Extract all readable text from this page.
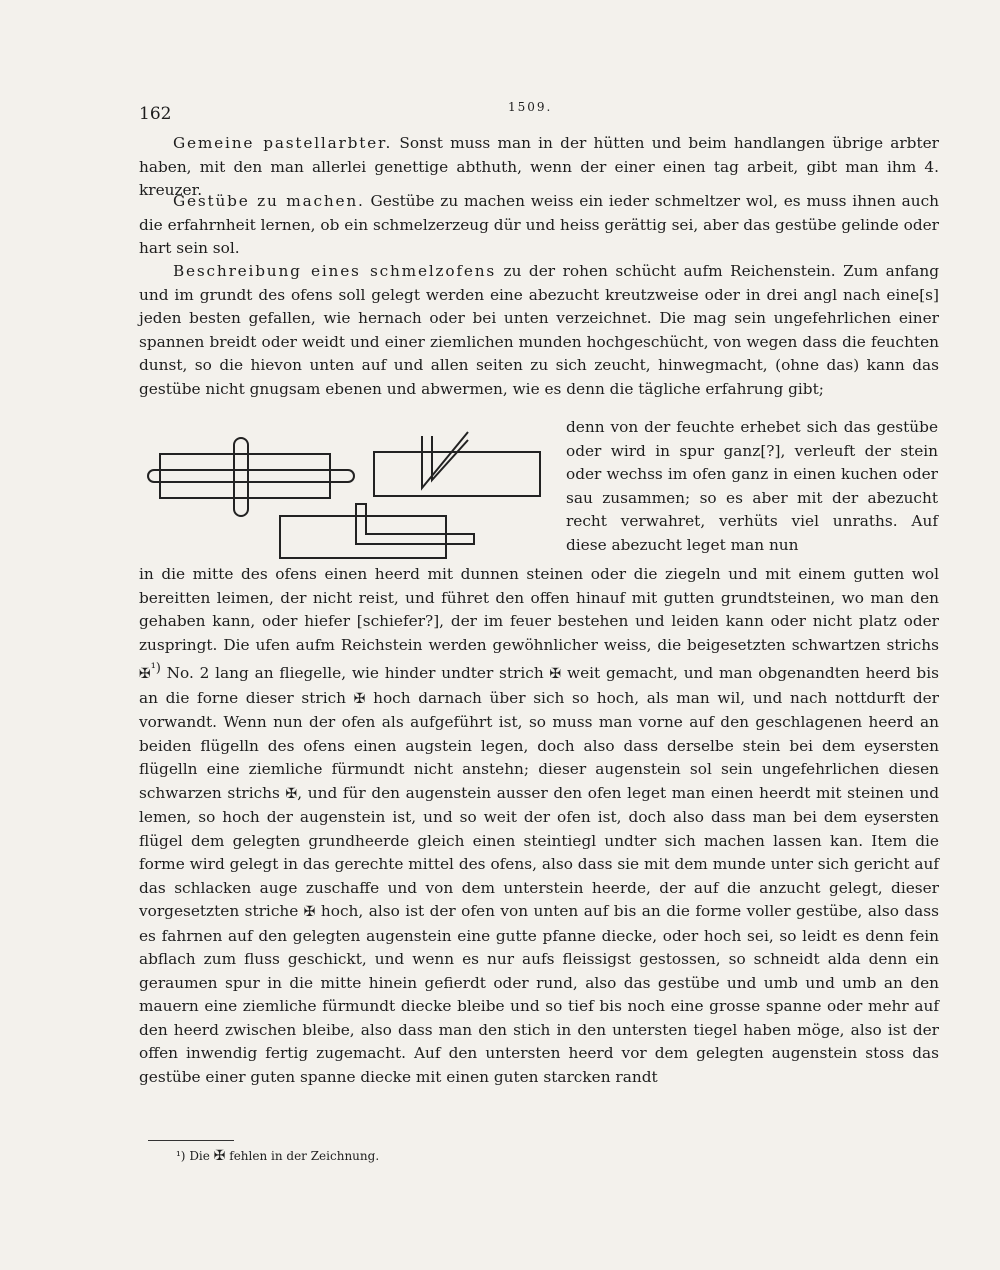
162	1509.

Gemeine pastellarbter. Sonst muss man in der hütten und beim handlangen übrige arbter haben, mit den man allerlei genettige abthuth, wenn der einer einen tag arbeit, gibt man ihm 4. kreuzer.

Gestübe zu machen. Gestübe zu machen weiss ein ieder schmeltzer wol, es muss ihnen auch die erfahrnheit lernen, ob ein schmelzerzeug dür und heiss gerättig sei, aber das gestübe gelinde oder hart sein sol.

Beschreibung eines schmelzofens zu der rohen schücht aufm Reichenstein. Zum anfang und im grundt des ofens soll gelegt werden eine abezucht kreutzweise oder in drei angl nach eine[s] jeden besten gefallen, wie hernach oder bei unten verzeichnet. Die mag sein ungefehrlichen einer spannen breidt oder weidt und einer ziemlichen munden hochgeschücht, von wegen dass die feuchten dunst, so die hievon unten auf und allen seiten zu sich zeucht, hinwegmacht, (ohne das) kann das gestübe nicht gnugsam ebenen und abwermen, wie es denn die tägliche erfahrung gibt;

denn von der feuchte erhebet sich das gestübe oder wird in spur ganz[?], verleuft der stein oder wechss im ofen ganz in einen kuchen oder sau zusammen; so es aber mit der abezucht recht verwahret, verhüts viel unraths. Auf diese abezucht leget man nun

in die mitte des ofens einen heerd mit dunnen steinen oder die ziegeln und mit einem gutten wol bereitten leimen, der nicht reist, und führet den offen hinauf mit gutten grundtsteinen, wo man den gehaben kann, oder hiefer [schiefer?], der im feuer bestehen und leiden kann oder nicht platz oder zuspringt. Die ufen aufm Reichstein werden gewöhnlicher weiss, die beigesetzten schwartzen strichs ✠$^{^1)}$ No. 2 lang an fliegelle, wie hinder undter strich ✠ weit gemacht, und man obgenandten heerd bis an die forne dieser strich ✠ hoch darnach über sich so hoch, als man wil, und nach nottdurft der vorwandt. Wenn nun der ofen als aufgeführt ist, so muss man vorne auf den geschlagenen heerd an beiden flügelln des ofens einen augstein legen, doch also dass derselbe stein bei dem eysersten flügelln eine ziemliche fürmundt nicht anstehn; dieser augenstein sol sein ungefehrlichen diesen schwarzen strichs ✠, und für den augenstein ausser den ofen leget man einen heerdt mit steinen und lemen, so hoch der augenstein ist, und so weit der ofen ist, doch also dass man bei dem eysersten flügel dem gelegten grundheerde gleich einen steintiegl undter sich machen lassen kan. Item die forme wird gelegt in das gerechte mittel des ofens, also dass sie mit dem munde unter sich gericht auf das schlacken auge zuschaffe und von dem unterstein heerde, der auf die anzucht gelegt, dieser vorgesetzten striche ✠ hoch, also ist der ofen von unten auf bis an die forme voller gestübe, also dass es fahrnen auf den gelegten augenstein eine gutte pfanne diecke, oder hoch sei, so leidt es denn fein abflach zum fluss geschickt, und wenn es nur aufs fleissigst gestossen, so schneidt alda denn ein geraumen spur in die mitte hinein gefierdt oder rund, also das gestübe und umb und umb an den mauern eine ziemliche fürmundt diecke bleibe und so tief bis noch eine grosse spanne oder mehr auf den heerd zwischen bleibe, also dass man den stich in den untersten tiegel haben möge, also ist der offen inwendig fertig zugemacht. Auf den untersten heerd vor dem gelegten augenstein stoss das gestübe einer guten spanne diecke mit einen guten starcken randt

¹) Die ✠ fehlen in der Zeichnung.
